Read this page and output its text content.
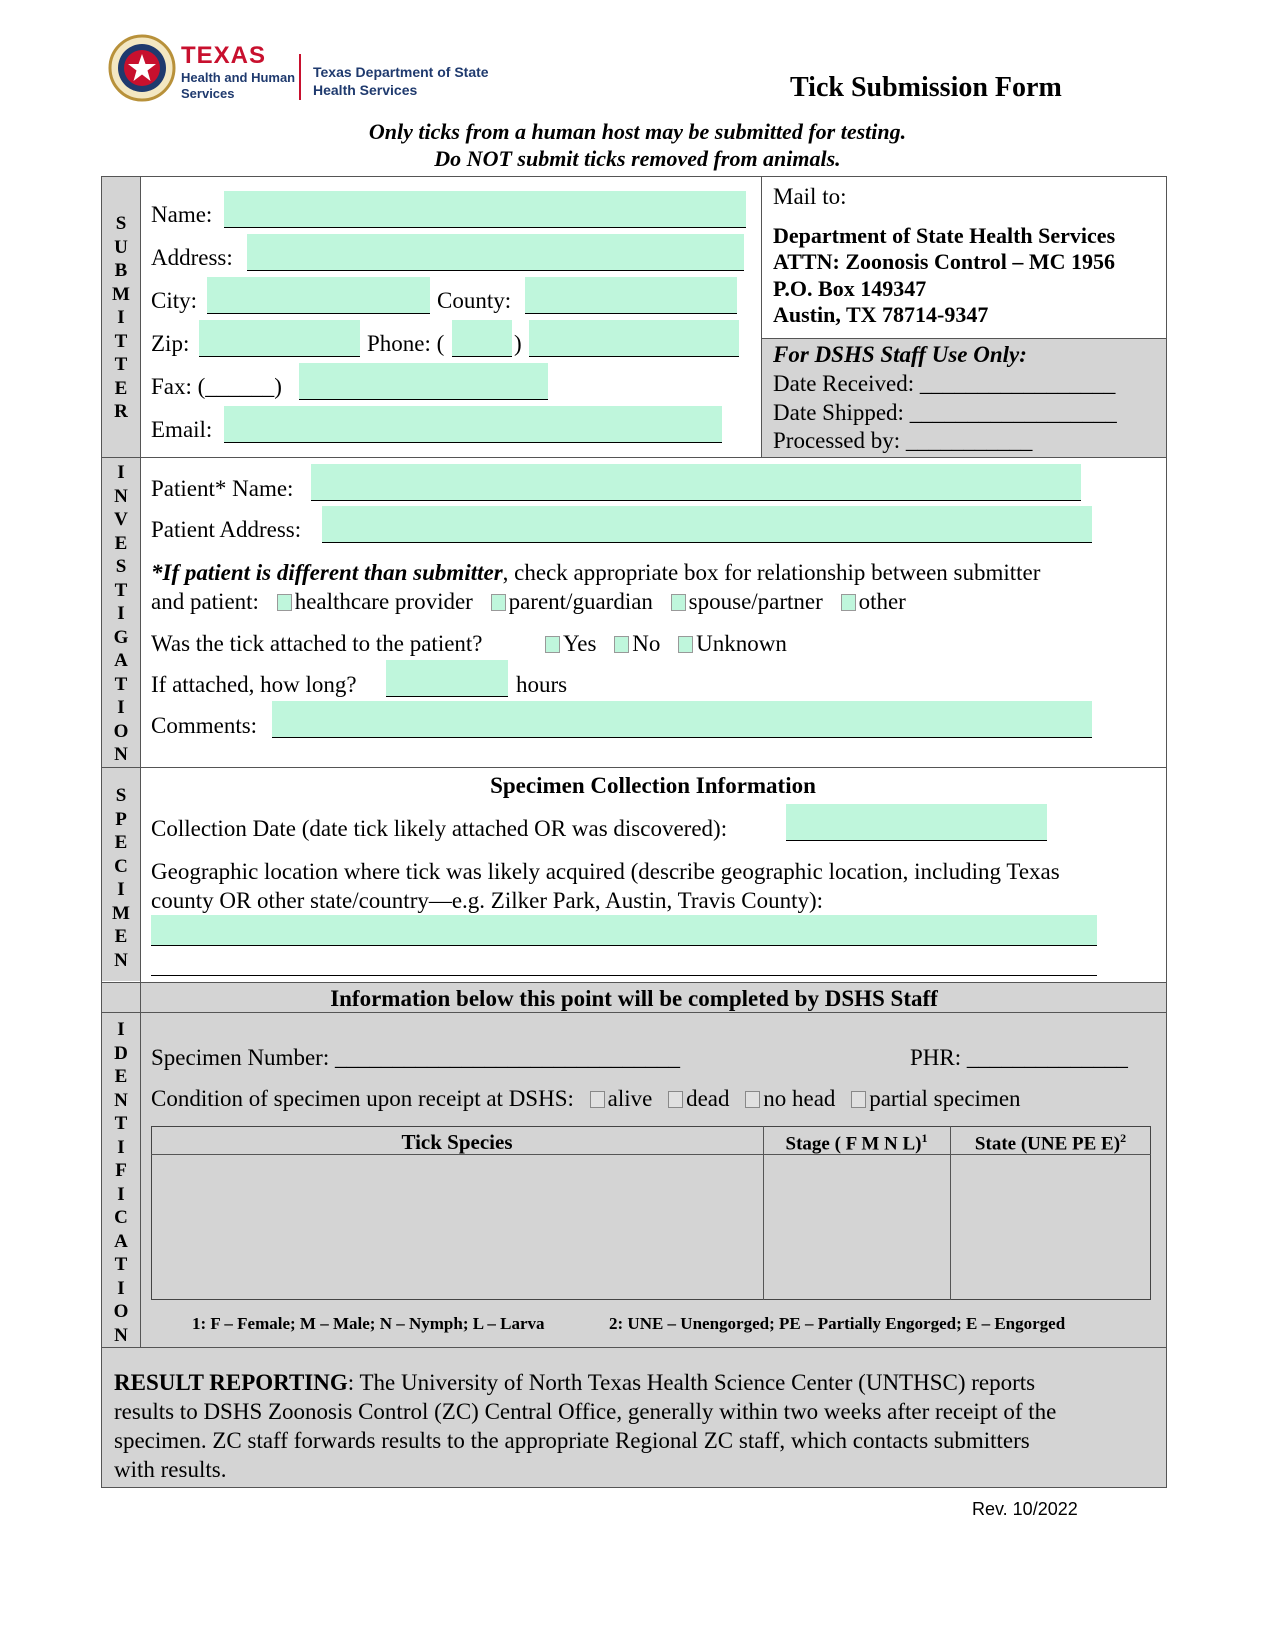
TEXAS
Health and Human
Services
Texas Department of State
Health Services	Tick Submission Form
Only ticks from a human host may be submitted for testing.
Do NOT submit ticks removed from animals.
S
U
B
M
I
T
T
E
R
Name:
Address:
City:	County:
Zip:	Phone: (	)
Fax: (______)
Email:
Mail to:
Department of State Health Services
ATTN: Zoonosis Control – MC 1956
P.O. Box 149347
Austin, TX 78714-9347
For DSHS Staff Use Only:
Date Received: _________________
Date Shipped: __________________
Processed by: ___________
I
N
V
E
S
T
I
G
A
T
I
O
N
Patient* Name:
Patient Address:
*If patient is different than submitter, check appropriate box for relationship between submitter
and patient: healthcare provider parent/guardian spouse/partner other
Was the tick attached to the patient?	Yes No Unknown
If attached, how long?	hours
Comments:
S
P
E
C
I
M
E
N
Specimen Collection Information
Collection Date (date tick likely attached OR was discovered):
Geographic location where tick was likely acquired (describe geographic location, including Texas
county OR other state/country—e.g. Zilker Park, Austin, Travis County):
Information below this point will be completed by DSHS Staff
I
D
E
N
T
I
F
I
C
A
T
I
O
N
Specimen Number: ______________________________	PHR: ______________
Condition of specimen upon receipt at DSHS: alive dead no head partial specimen
Tick Species	Stage ( F M N L)$^1$	State (UNE PE E)$^2$
1: F – Female; M – Male; N – Nymph; L – Larva	2: UNE – Unengorged; PE – Partially Engorged; E – Engorged
RESULT REPORTING: The University of North Texas Health Science Center (UNTHSC) reports
results to DSHS Zoonosis Control (ZC) Central Office, generally within two weeks after receipt of the
specimen. ZC staff forwards results to the appropriate Regional ZC staff, which contacts submitters
with results.
Rev. 10/2022
